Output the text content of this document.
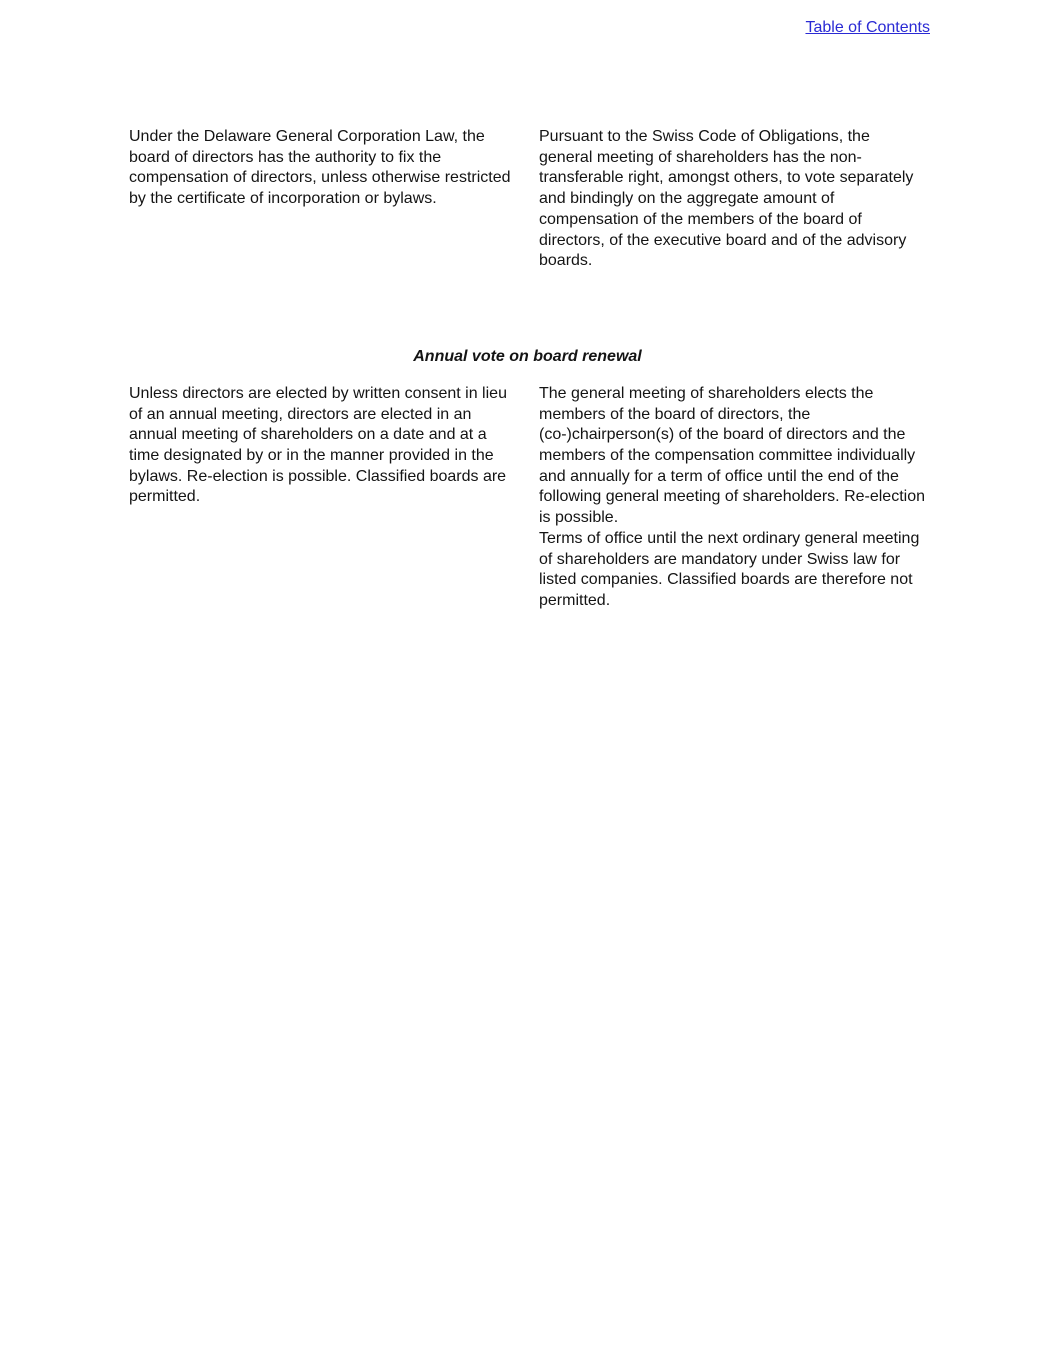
Table of Contents
Under the Delaware General Corporation Law, the board of directors has the authority to fix the compensation of directors, unless otherwise restricted by the certificate of incorporation or bylaws.
Pursuant to the Swiss Code of Obligations, the general meeting of shareholders has the non-transferable right, amongst others, to vote separately and bindingly on the aggregate amount of compensation of the members of the board of directors, of the executive board and of the advisory boards.
Annual vote on board renewal
Unless directors are elected by written consent in lieu of an annual meeting, directors are elected in an annual meeting of shareholders on a date and at a time designated by or in the manner provided in the bylaws. Re-election is possible. Classified boards are permitted.

The general meeting of shareholders elects the members of the board of directors, the (co-)chairperson(s) of the board of directors and the members of the compensation committee individually and annually for a term of office until the end of the following general meeting of shareholders. Re-election is possible.

Terms of office until the next ordinary general meeting of shareholders are mandatory under Swiss law for listed companies. Classified boards are therefore not permitted.
